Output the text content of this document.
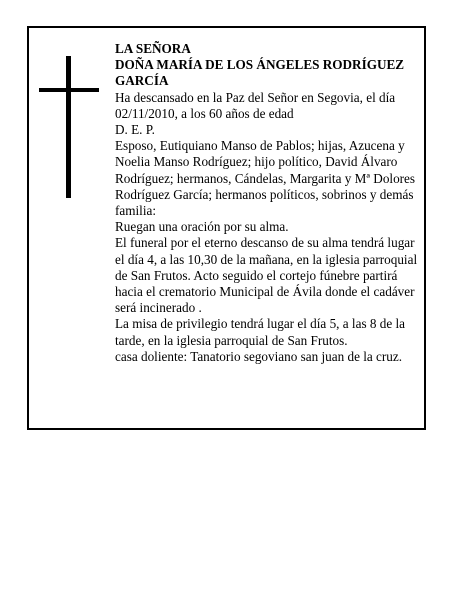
LA SEÑORA

DOÑA MARÍA DE LOS ÁNGELES RODRÍGUEZ GARCÍA

Ha descansado en la Paz del Señor en Segovia, el día 02/11/2010, a los 60 años de edad

D. E. P.

Esposo, Eutiquiano Manso de Pablos; hijas, Azucena y Noelia Manso Rodríguez; hijo político, David Álvaro Rodríguez; hermanos, Cándelas, Margarita y Mª Dolores Rodríguez García; hermanos políticos, sobrinos y demás familia:

Ruegan una oración por su alma.

El funeral por el eterno descanso de su alma tendrá lugar el día 4, a las 10,30 de la mañana, en la iglesia parroquial de San Frutos. Acto seguido el cortejo fúnebre partirá hacia el crematorio Municipal de Ávila donde el cadáver será incinerado .

La misa de privilegio tendrá lugar el día 5, a las 8 de la tarde, en la iglesia parroquial de San Frutos.

casa doliente: Tanatorio segoviano san juan de la cruz.
